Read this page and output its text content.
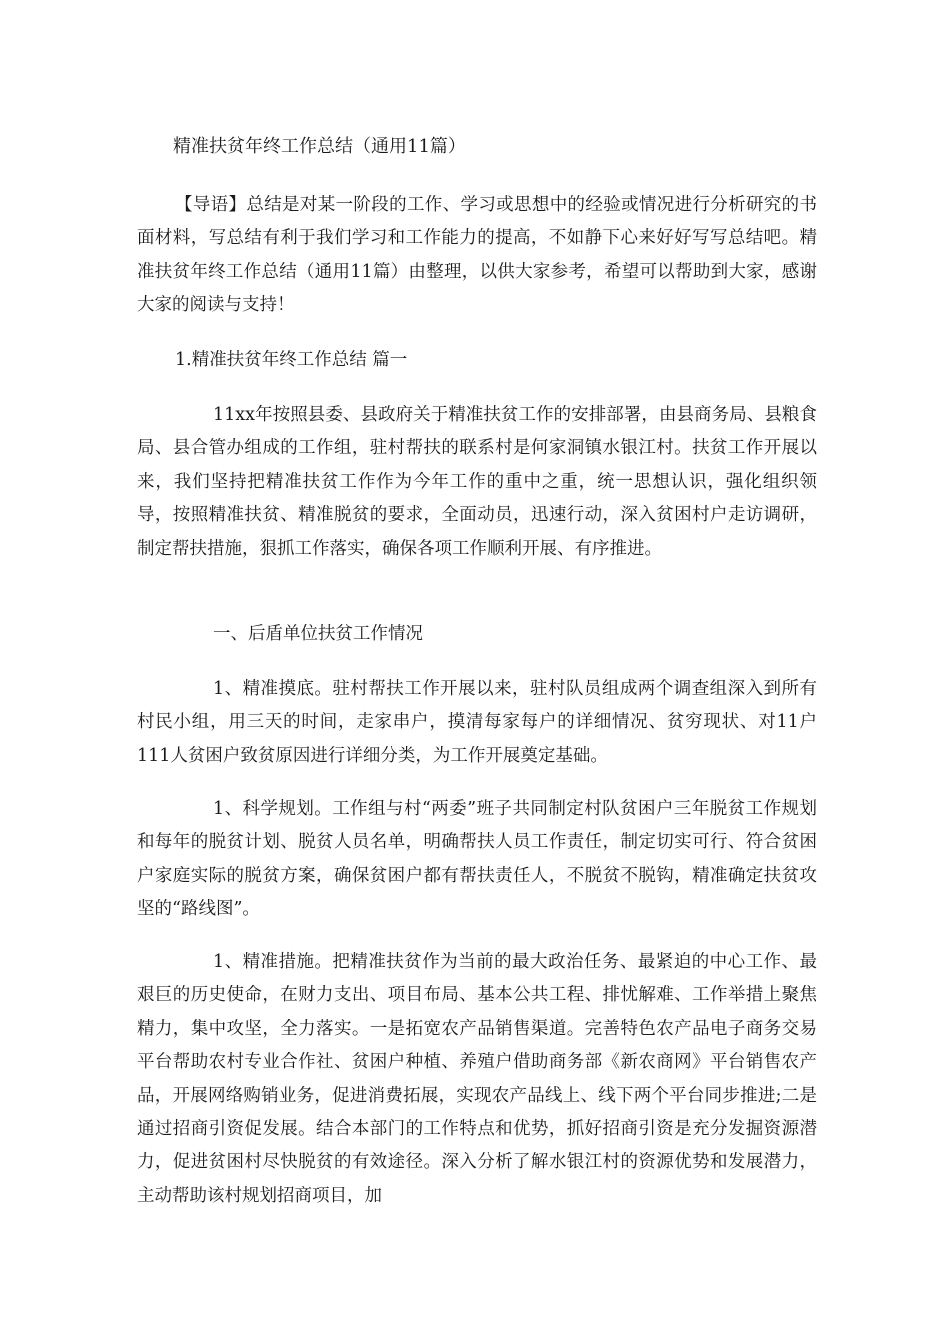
精准扶贫年终工作总结（通用11篇）

【导语】总结是对某一阶段的工作、学习或思想中的经验或情况进行分析研究的书面材料，写总结有利于我们学习和工作能力的提高，不如静下心来好好写写总结吧。精准扶贫年终工作总结（通用11篇）由整理，以供大家参考，希望可以帮助到大家，感谢大家的阅读与支持！

1.精准扶贫年终工作总结 篇一

11xx年按照县委、县政府关于精准扶贫工作的安排部署，由县商务局、县粮食局、县合管办组成的工作组，驻村帮扶的联系村是何家洞镇水银江村。扶贫工作开展以来，我们坚持把精准扶贫工作作为今年工作的重中之重，统一思想认识，强化组织领导，按照精准扶贫、精准脱贫的要求，全面动员，迅速行动，深入贫困村户走访调研，制定帮扶措施，狠抓工作落实，确保各项工作顺利开展、有序推进。

一、后盾单位扶贫工作情况

1、精准摸底。驻村帮扶工作开展以来，驻村队员组成两个调查组深入到所有村民小组，用三天的时间，走家串户，摸清每家每户的详细情况、贫穷现状、对11户111人贫困户致贫原因进行详细分类，为工作开展奠定基础。

1、科学规划。工作组与村“两委”班子共同制定村队贫困户三年脱贫工作规划和每年的脱贫计划、脱贫人员名单，明确帮扶人员工作责任，制定切实可行、符合贫困户家庭实际的脱贫方案，确保贫困户都有帮扶责任人，不脱贫不脱钩，精准确定扶贫攻坚的“路线图”。

1、精准措施。把精准扶贫作为当前的最大政治任务、最紧迫的中心工作、最艰巨的历史使命，在财力支出、项目布局、基本公共工程、排忧解难、工作举措上聚焦精力，集中攻坚，全力落实。一是拓宽农产品销售渠道。完善特色农产品电子商务交易平台帮助农村专业合作社、贫困户种植、养殖户借助商务部《新农商网》平台销售农产品，开展网络购销业务，促进消费拓展，实现农产品线上、线下两个平台同步推进;二是通过招商引资促发展。结合本部门的工作特点和优势，抓好招商引资是充分发掘资源潜力，促进贫困村尽快脱贫的有效途径。深入分析了解水银江村的资源优势和发展潜力，主动帮助该村规划招商项目，加
